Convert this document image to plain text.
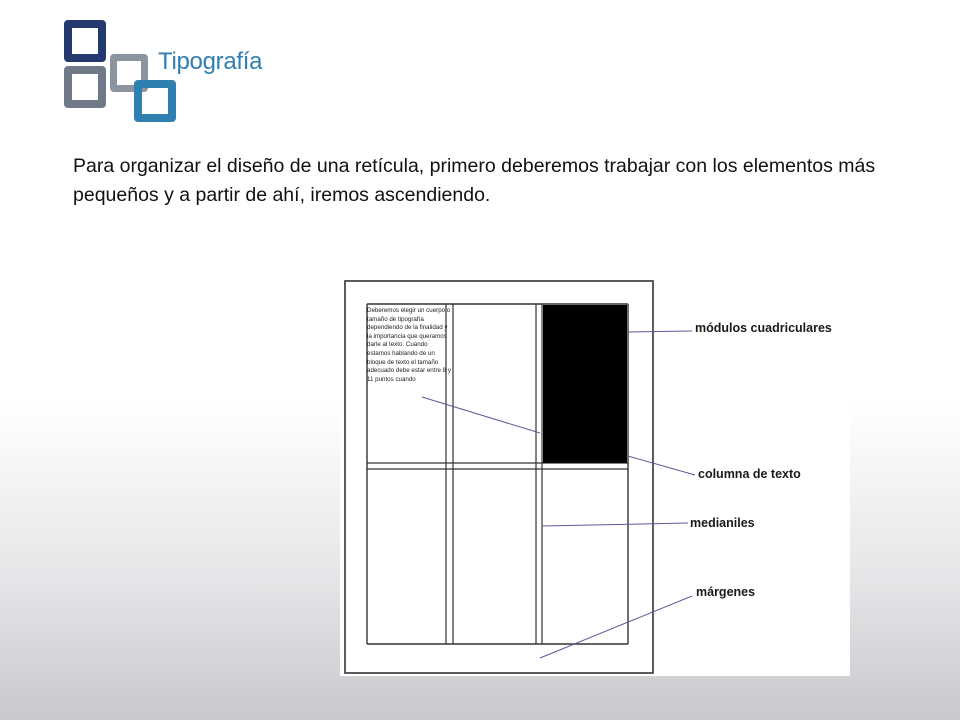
Tipografía

Para organizar el diseño de una retícula, primero deberemos trabajar con los elementos más pequeños y a partir de ahí, iremos ascendiendo.

Deberemos elegir un cuerpo o tamaño de tipografía dependiendo de la finalidad y la importancia que queramos darle al texto. Cuando estamos hablando de un bloque de texto el tamaño adecuado debe estar entre 8 y 11 puntos cuando

módulos cuadriculares
columna de texto
medianiles
márgenes
